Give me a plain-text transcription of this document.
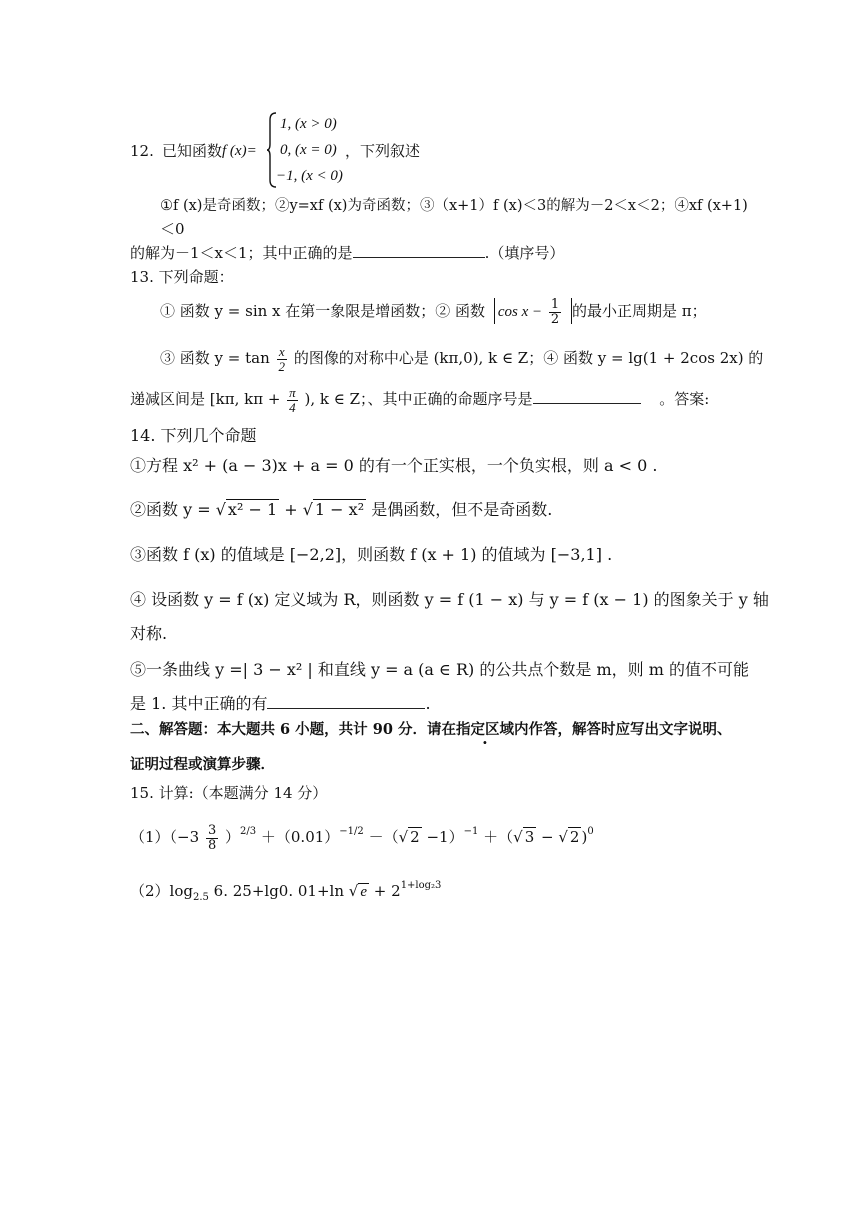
12. 已知函数 f (x)=
1, (x > 0)
0, (x = 0)
−1, (x < 0)
，下列叙述
①f (x)是奇函数；②y=xf (x)为奇函数；③（x+1）f (x)＜3的解为－2＜x＜2；④xf (x+1)
＜0
的解为－1＜x＜1；其中正确的是	.（填序号）
13. 下列命题：
① 函数 y = sin x 在第一象限是增函数；② 函数 $\cos x - \frac{1}{2}$ 的最小正周期是 π；
③ 函数 $y = \tan \frac{x}{2}$ 的图像的对称中心是 (kπ,0), k ∈ Z；④ 函数 y = lg(1 + 2cos 2x) 的
递减区间是 [kπ, $k\pi + \frac{\pi}{4}$ ), k ∈ Z；、其中正确的命题序号是	。答案:
14. 下列几个命题
①方程 x² + (a − 3)x + a = 0 的有一个正实根，一个负实根，则 a < 0 .
②函数 y = √ x² − 1 + √ 1 − x² 是偶函数，但不是奇函数.
③函数 f (x) 的值域是 [−2,2]，则函数 f (x + 1) 的值域为 [−3,1] .
④ 设函数 y = f (x) 定义域为 R，则函数 y = f (1 − x) 与 y = f (x − 1) 的图象关于 y 轴
对称.
⑤一条曲线 y =| 3 − x² | 和直线 y = a (a ∈ R) 的公共点个数是 m，则 m 的值不可能
是 1. 其中正确的有	.
二、解答题：本大题共 6 小题，共计 90 分．请在指定区域内作答，解答时应写出文字说明、
证明过程或演算步骤．
15. 计算:（本题满分 14 分）
$(1)(-3 \frac{3}{8} )^{2/3} +(0.01)^{-1/2}$ －（√ 2 −1）$^{-1}$ ＋（√ 3 − √ 2 )$^0$
$(2)\log_{2.5}$ 6. 25+lg0. 01+ln √ $e + 2^{1+log_23}$
